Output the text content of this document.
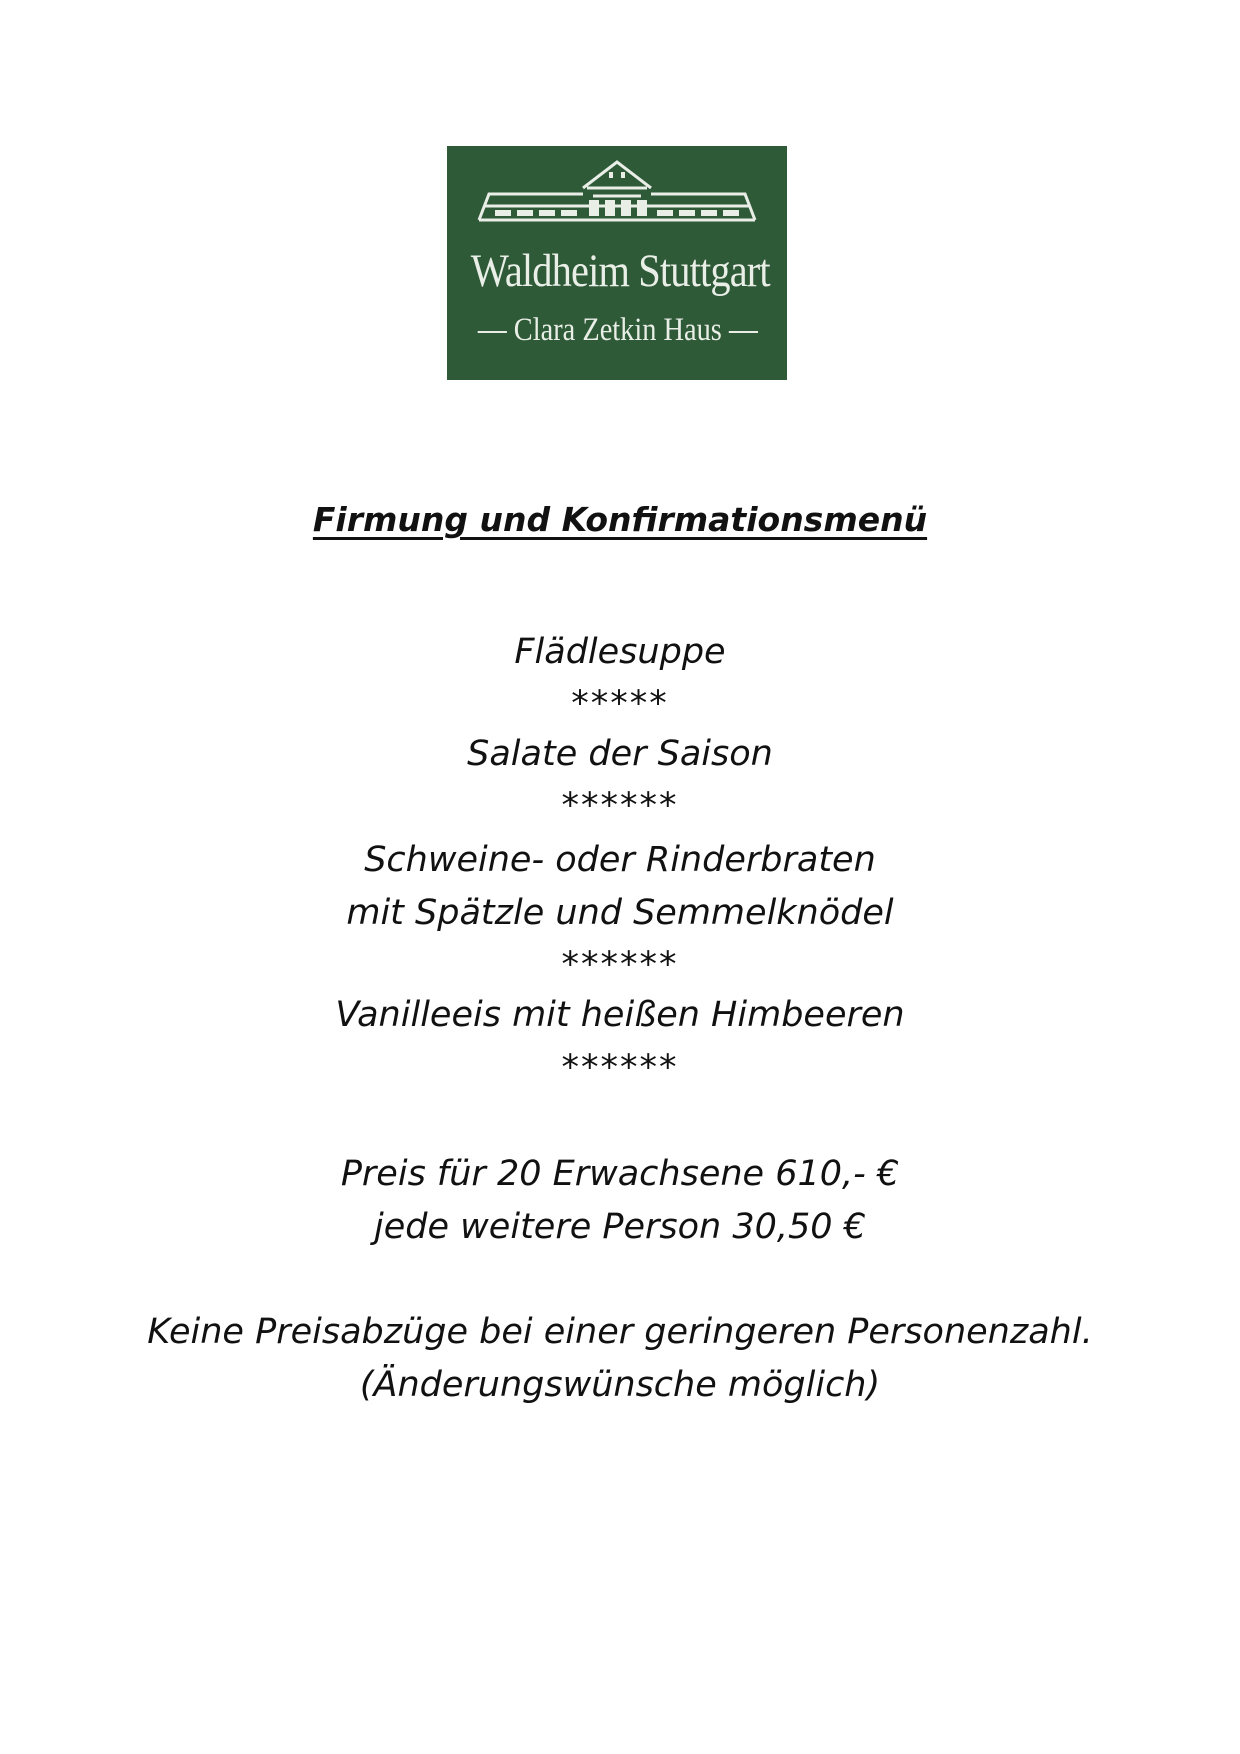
Waldheim Stuttgart
Clara Zetkin Haus
Firmung und Konfirmationsmenü
Flädlesuppe
*****
Salate der Saison
******
Schweine- oder Rinderbraten
mit Spätzle und Semmelknödel
******
Vanilleeis mit heißen Himbeeren
******
Preis für 20 Erwachsene 610,- €
jede weitere Person 30,50 €
Keine Preisabzüge bei einer geringeren Personenzahl.
(Änderungswünsche möglich)
